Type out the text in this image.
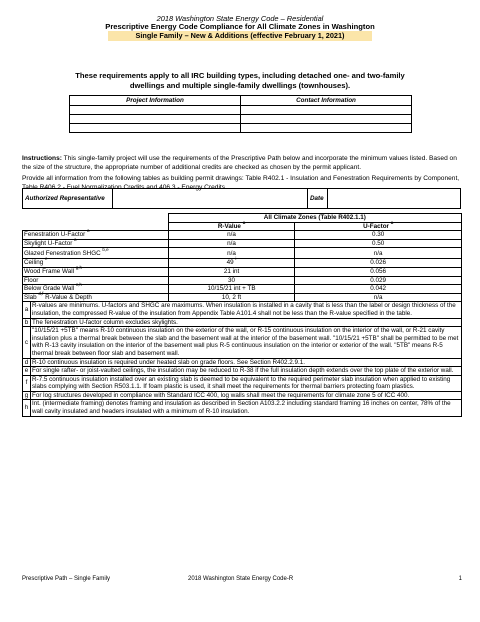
2018 Washington State Energy Code – Residential
Prescriptive Energy Code Compliance for All Climate Zones in Washington
Single Family – New & Additions (effective February 1, 2021)
These requirements apply to all IRC building types, including detached one- and two-family dwellings and multiple single-family dwellings (townhouses).
Project Information	Contact Information

Instructions: This single-family project will use the requirements of the Prescriptive Path below and incorporate the minimum values listed. Based on the size of the structure, the appropriate number of additional credits are checked as chosen by the permit applicant.

Provide all information from the following tables as building permit drawings: Table R402.1 - Insulation and Fenestration Requirements by Component, Table R406.2 - Fuel Normalization Credits and 406.3 - Energy Credits.

Authorized Representative		Date	
		All Climate Zones (Table R402.1.1)	
		R-Value $^a$	U-Factor $^a$
Fenestration U-Factor $^a$		n/a	0.30
Skylight U-Factor $^a$		n/a	0.50
Glazed Fenestration SHGC $^{b,e}$		n/a	n/a
Ceiling $^e$		49 $^i$	0.026
Wood Frame Wall $^{g,h}$		21 int	0.056
Floor		30	0.029
Below Grade Wall $^{c,h}$		10/15/21 int + TB	0.042
Slab $^{d,f}$ R-Value & Depth		10, 2 ft	n/a
a	R-values are minimums. U-factors and SHGC are maximums. When insulation is installed in a cavity that is less than the label or design thickness of the insulation, the compressed R-value of the insulation from Appendix Table A101.4 shall not be less than the R-value specified in the table.		
b	The fenestration U-factor column excludes skylights.		
c	"10/15/21 +5TB" means R-10 continuous insulation on the exterior of the wall, or R-15 continuous insulation on the interior of the wall, or R-21 cavity insulation plus a thermal break between the slab and the basement wall at the interior of the basement wall. "10/15/21 +5TB" shall be permitted to be met with R-13 cavity insulation on the interior of the basement wall plus R-5 continuous insulation on the interior or exterior of the wall. "5TB" means R-5 thermal break between floor slab and basement wall.		
d	R-10 continuous insulation is required under heated slab on grade floors. See Section R402.2.9.1.		
e	For single rafter- or joist-vaulted ceilings, the insulation may be reduced to R-38 if the full insulation depth extends over the top plate of the exterior wall.		
f	R-7.5 continuous insulation installed over an existing slab is deemed to be equivalent to the required perimeter slab insulation when applied to existing slabs complying with Section R503.1.1. If foam plastic is used, it shall meet the requirements for thermal barriers protecting foam plastics.		
g	For log structures developed in compliance with Standard ICC 400, log walls shall meet the requirements for climate zone 5 of ICC 400.		
h	Int. (intermediate framing) denotes framing and insulation as described in Section A103.2.2 including standard framing 16 inches on center, 78% of the wall cavity insulated and headers insulated with a minimum of R-10 insulation.		
Prescriptive Path – Single Family	2018 Washington State Energy Code-R	1
